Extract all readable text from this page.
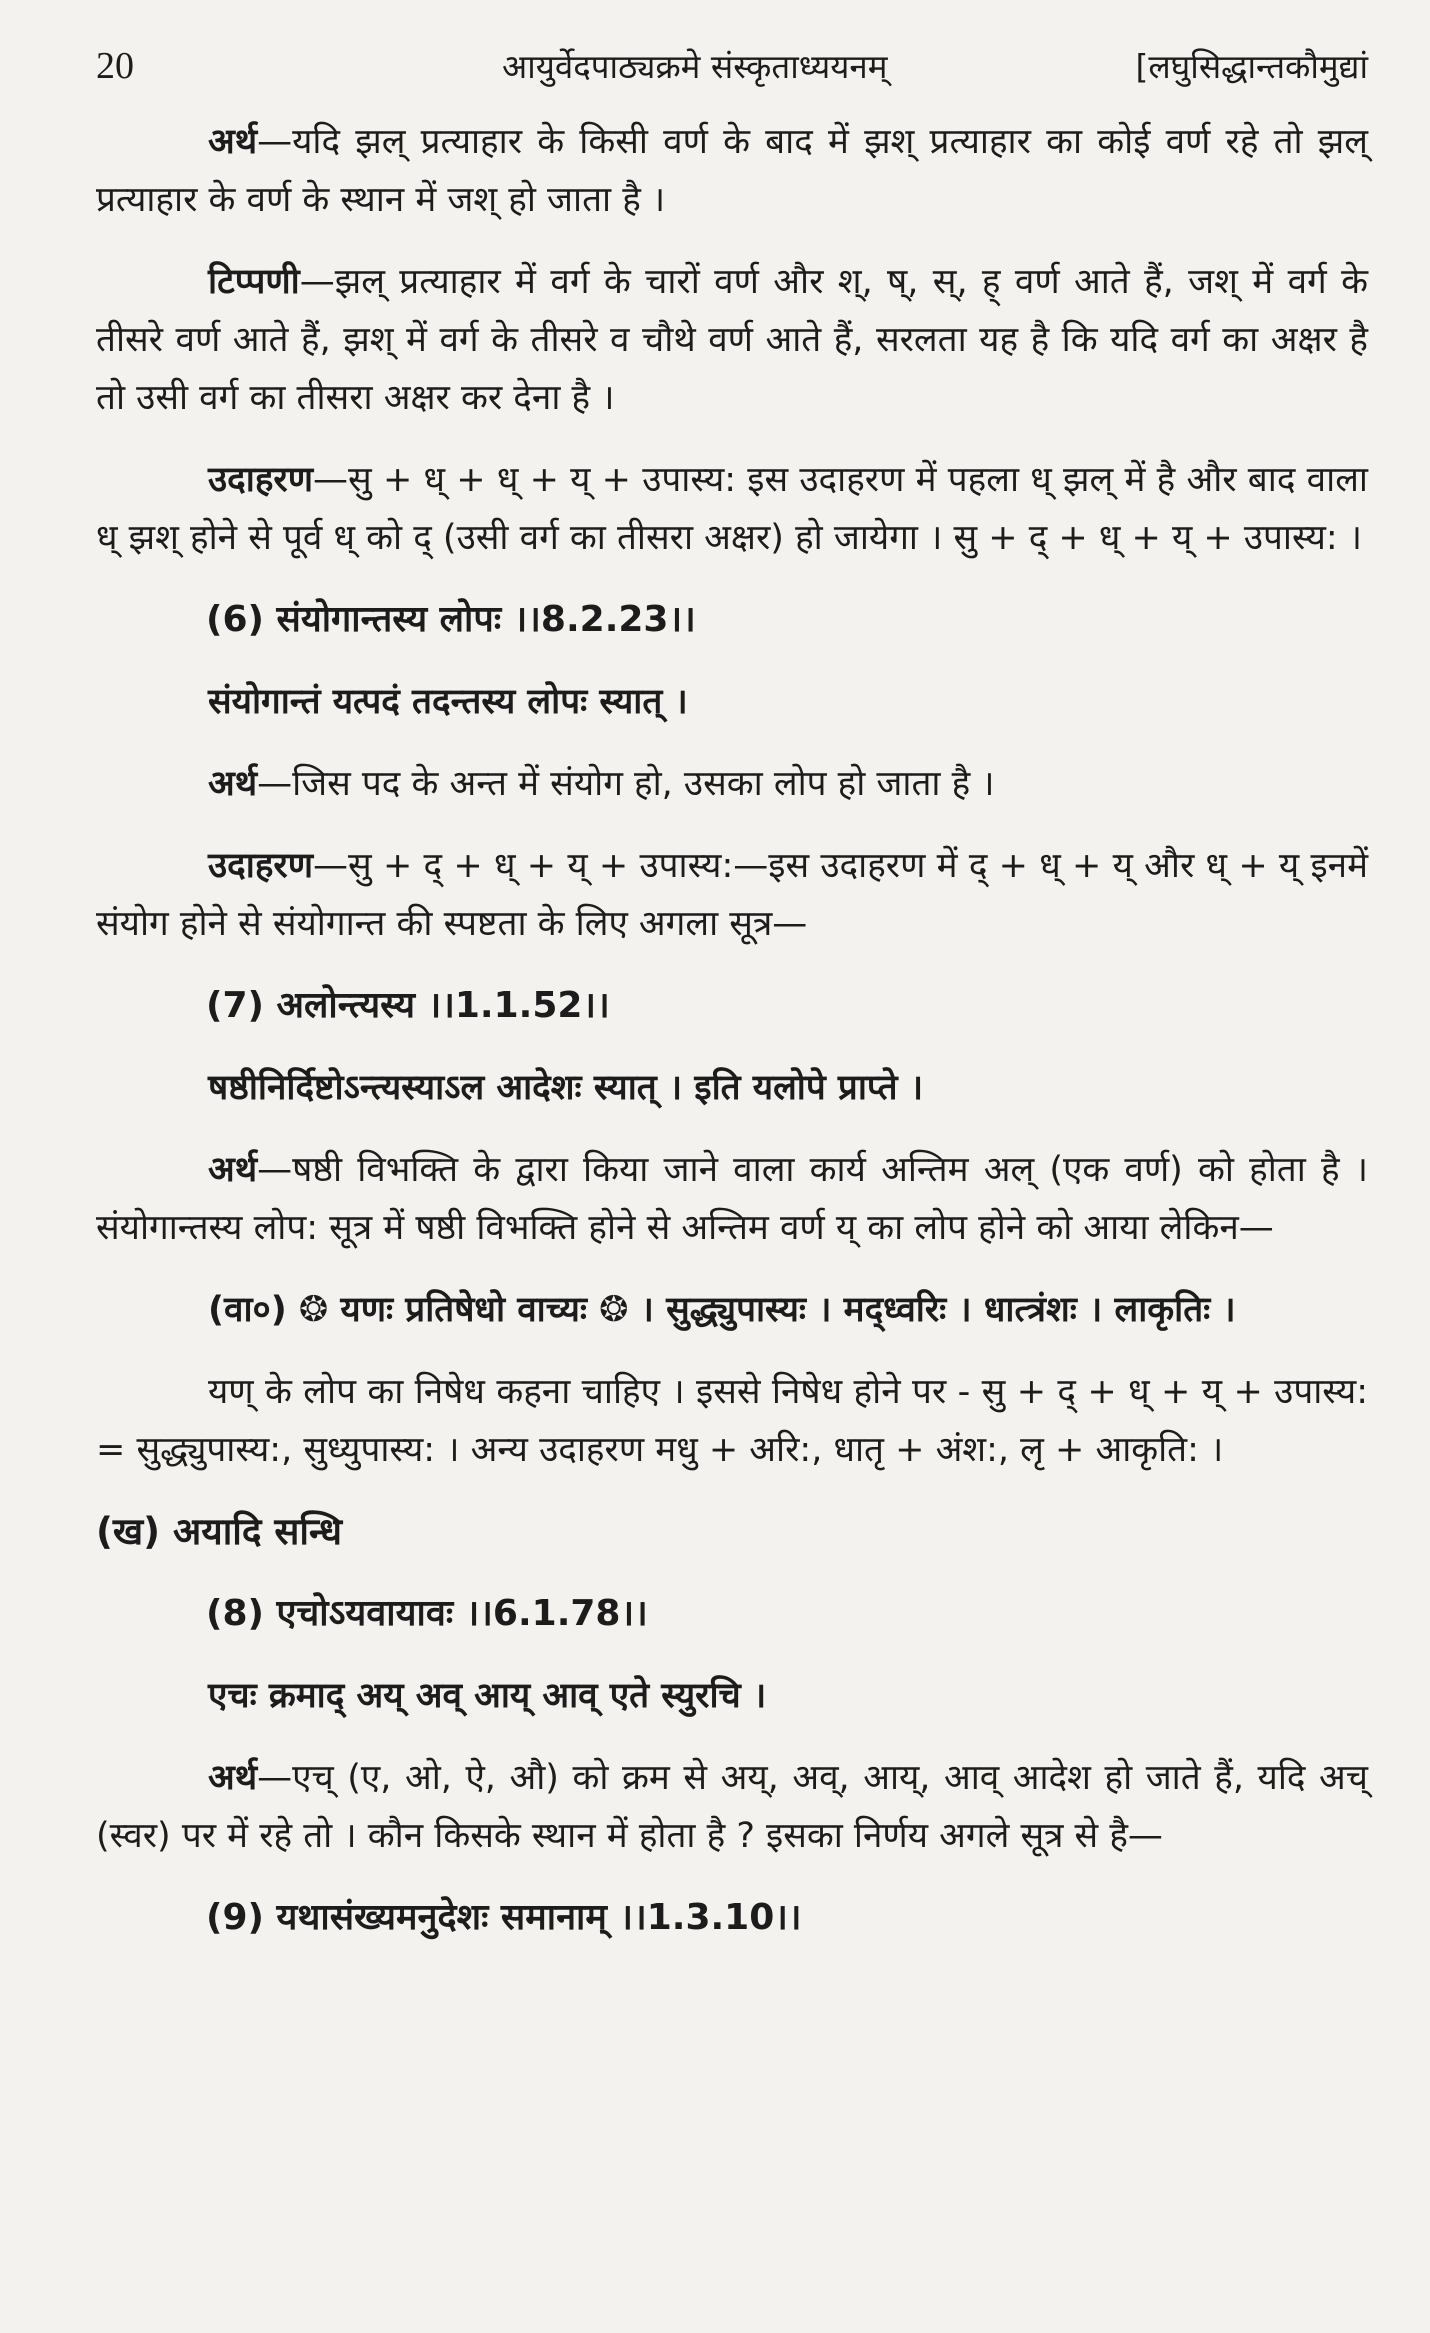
20	आयुर्वेदपाठ्यक्रमे संस्कृताध्ययनम्	[लघुसिद्धान्तकौमुद्यां

अर्थ—यदि झल् प्रत्याहार के किसी वर्ण के बाद में झश् प्रत्याहार का कोई वर्ण रहे तो झल् प्रत्याहार के वर्ण के स्थान में जश् हो जाता है ।

टिप्पणी—झल् प्रत्याहार में वर्ग के चारों वर्ण और श्, ष्, स्, ह् वर्ण आते हैं, जश् में वर्ग के तीसरे वर्ण आते हैं, झश् में वर्ग के तीसरे व चौथे वर्ण आते हैं, सरलता यह है कि यदि वर्ग का अक्षर है तो उसी वर्ग का तीसरा अक्षर कर देना है ।

उदाहरण—सु + ध् + ध् + य् + उपास्य: इस उदाहरण में पहला ध् झल् में है और बाद वाला ध् झश् होने से पूर्व ध् को द् (उसी वर्ग का तीसरा अक्षर) हो जायेगा । सु + द् + ध् + य् + उपास्य: ।

(6) संयोगान्तस्य लोपः ।।8.2.23।।
संयोगान्तं यत्पदं तदन्तस्य लोपः स्यात् ।

अर्थ—जिस पद के अन्त में संयोग हो, उसका लोप हो जाता है ।

उदाहरण—सु + द् + ध् + य् + उपास्य:—इस उदाहरण में द् + ध् + य् और ध् + य् इनमें संयोग होने से संयोगान्त की स्पष्टता के लिए अगला सूत्र—

(7) अलोन्त्यस्य ।।1.1.52।।
षष्ठीनिर्दिष्टोऽन्त्यस्याऽल आदेशः स्यात् । इति यलोपे प्राप्ते ।

अर्थ—षष्ठी विभक्ति के द्वारा किया जाने वाला कार्य अन्तिम अल् (एक वर्ण) को होता है । संयोगान्तस्य लोप: सूत्र में षष्ठी विभक्ति होने से अन्तिम वर्ण य् का लोप होने को आया लेकिन—

(वा०) ❂ यणः प्रतिषेधो वाच्यः ❂ । सुद्ध्युपास्यः । मद्ध्वरिः । धात्त्रंशः । लाकृतिः ।

यण् के लोप का निषेध कहना चाहिए । इससे निषेध होने पर - सु + द् + ध् + य् + उपास्य: = सुद्ध्युपास्य:, सुध्युपास्य: । अन्य उदाहरण मधु + अरि:, धातृ + अंश:, लृ + आकृति: ।

(ख) अयादि सन्धि
(8) एचोऽयवायावः ।।6.1.78।।
एचः क्रमाद् अय् अव् आय् आव् एते स्युरचि ।

अर्थ—एच् (ए, ओ, ऐ, औ) को क्रम से अय्, अव्, आय्, आव् आदेश हो जाते हैं, यदि अच् (स्वर) पर में रहे तो । कौन किसके स्थान में होता है ? इसका निर्णय अगले सूत्र से है—

(9) यथासंख्यमनुदेशः समानाम् ।।1.3.10।।
